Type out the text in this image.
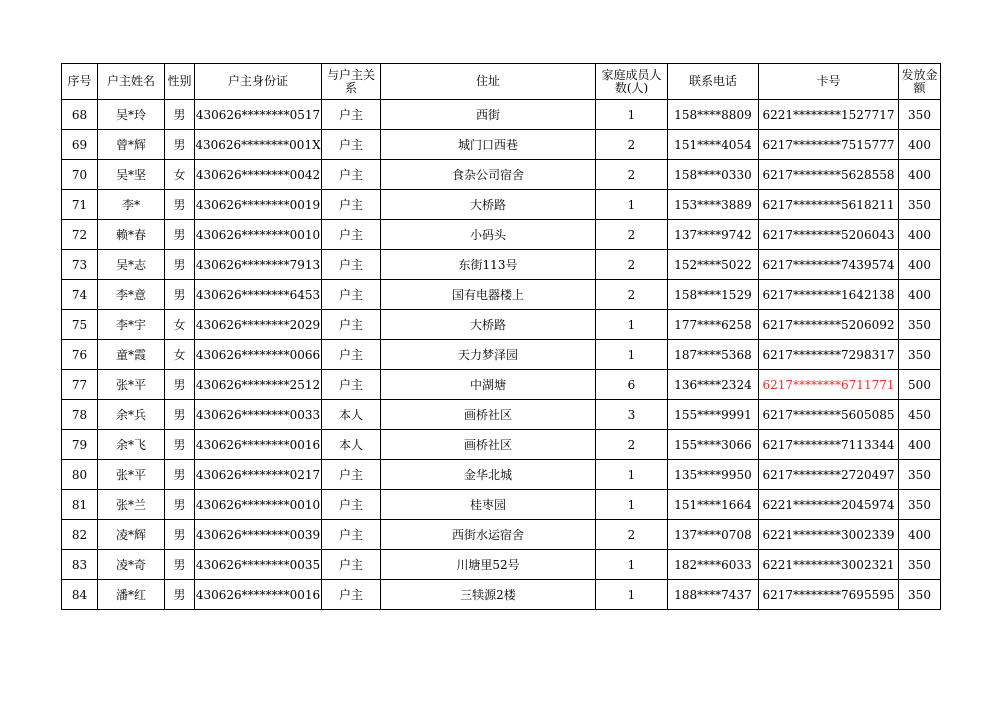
序号	户主姓名	性别	户主身份证	与户主关系	住址	家庭成员人数(人)	联系电话	卡号	发放金额
68	吴*玲	男	430626********0517	户主	西街	1	158****8809	6221********1527717	350
69	曾*辉	男	430626********001X	户主	城门口西巷	2	151****4054	6217********7515777	400
70	吴*坚	女	430626********0042	户主	食杂公司宿舍	2	158****0330	6217********5628558	400
71	李*	男	430626********0019	户主	大桥路	1	153****3889	6217********5618211	350
72	赖*春	男	430626********0010	户主	小码头	2	137****9742	6217********5206043	400
73	吴*志	男	430626********7913	户主	东街113号	2	152****5022	6217********7439574	400
74	李*意	男	430626********6453	户主	国有电器楼上	2	158****1529	6217********1642138	400
75	李*宇	女	430626********2029	户主	大桥路	1	177****6258	6217********5206092	350
76	童*霞	女	430626********0066	户主	天力梦泽园	1	187****5368	6217********7298317	350
77	张*平	男	430626********2512	户主	中湖塘	6	136****2324	6217********6711771	500
78	余*兵	男	430626********0033	本人	画桥社区	3	155****9991	6217********5605085	450
79	余*飞	男	430626********0016	本人	画桥社区	2	155****3066	6217********7113344	400
80	张*平	男	430626********0217	户主	金华北城	1	135****9950	6217********2720497	350
81	张*兰	男	430626********0010	户主	桂枣园	1	151****1664	6221********2045974	350
82	凌*辉	男	430626********0039	户主	西街水运宿舍	2	137****0708	6221********3002339	400
83	凌*奇	男	430626********0035	户主	川塘里52号	1	182****6033	6221********3002321	350
84	潘*红	男	430626********0016	户主	三犊源2楼	1	188****7437	6217********7695595	350
